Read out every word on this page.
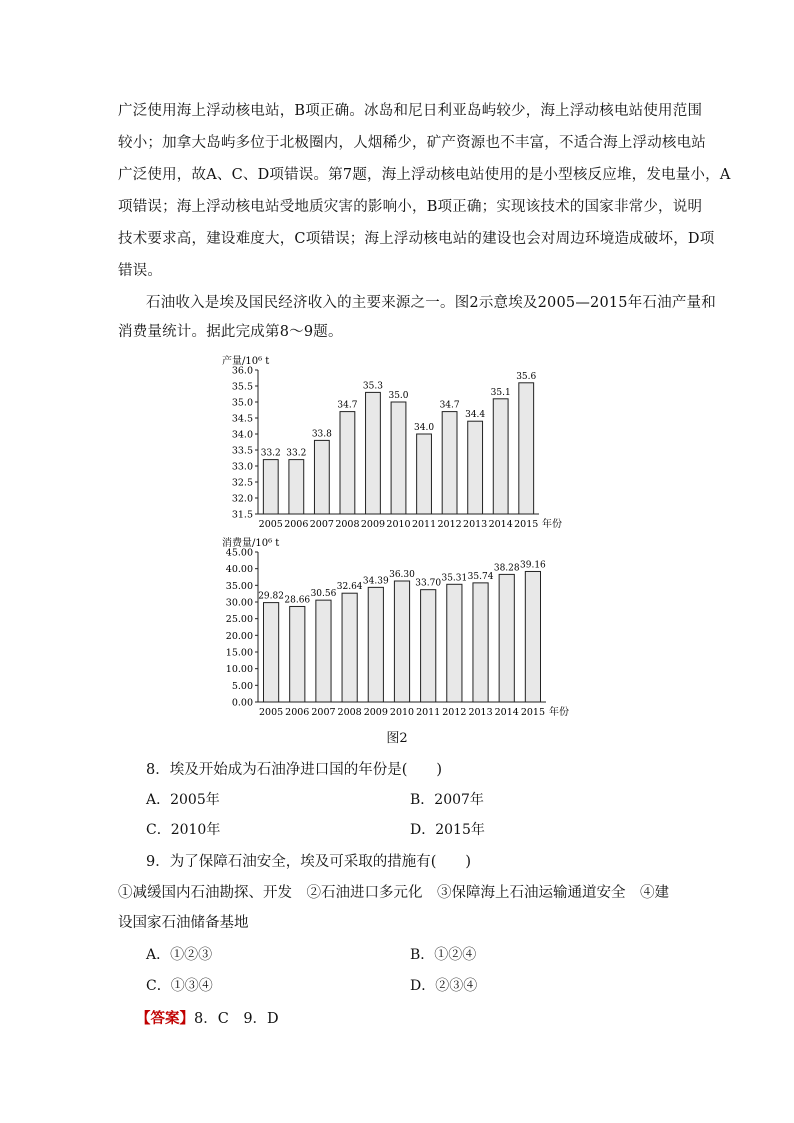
广泛使用海上浮动核电站，B项正确。冰岛和尼日利亚岛屿较少，海上浮动核电站使用范围
较小；加拿大岛屿多位于北极圈内，人烟稀少，矿产资源也不丰富，不适合海上浮动核电站
广泛使用，故A、C、D项错误。第7题，海上浮动核电站使用的是小型核反应堆，发电量小，A
项错误；海上浮动核电站受地质灾害的影响小，B项正确；实现该技术的国家非常少，说明
技术要求高，建设难度大，C项错误；海上浮动核电站的建设也会对周边环境造成破坏，D项
错误。
石油收入是埃及国民经济收入的主要来源之一。图2示意埃及2005—2015年石油产量和
消费量统计。据此完成第8～9题。
产量/10⁶ t
31.5
32.0
32.5
33.0
33.5
34.0
34.5
35.0
35.5
36.0
33.2
2005
33.2
2006
33.8
2007
34.7
2008
35.3
2009
35.0
2010
34.0
2011
34.7
2012
34.4
2013
35.1
2014
35.6
2015 年份
消费量/10⁶ t
0.00
5.00
10.00
15.00
20.00
25.00
30.00
35.00
40.00
45.00
29.82
2005
28.66
2006
30.56
2007
32.64
2008
34.39
2009
36.30
2010
33.70
2011
35.31
2012
35.74
2013
38.28
2014
39.16
2015 年份
图2
8．埃及开始成为石油净进口国的年份是(　　)
A．2005年	B．2007年
C．2010年	D．2015年
9．为了保障石油安全，埃及可采取的措施有(　　)
①减缓国内石油勘探、开发　②石油进口多元化　③保障海上石油运输通道安全　④建
设国家石油储备基地
A．①②③	B．①②④
C．①③④	D．②③④
【答案】8．C　9．D
